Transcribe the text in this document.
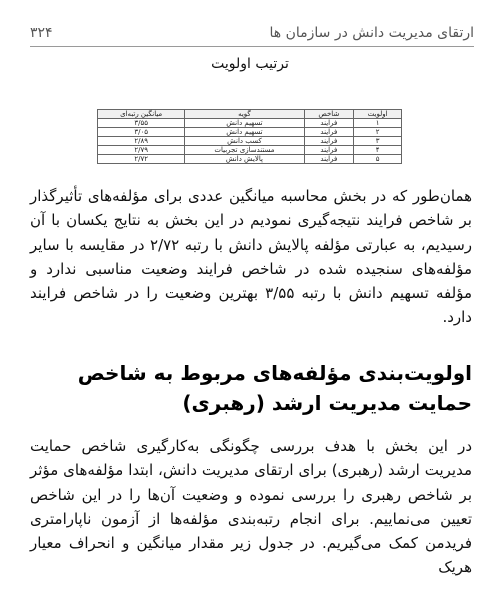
۳۲۴	ارتقای مدیریت دانش در سازمان ها
ترتیب اولویت
اولویت	شاخص	گویه	میانگین رتبه‌ای
۱	فرایند	تسهیم دانش	۳/۵۵
۲	فرایند	تسهیم دانش	۳/۰۵
۳	فرایند	کسب دانش	۲/۸۹
۴	فرایند	مستندسازی تجربیات	۲/۷۹
۵	فرایند	پالایش دانش	۲/۷۲

همان‌طور که در بخش محاسبه میانگین عددی برای مؤلفه‌های تأثیرگذار بر شاخص فرایند نتیجه‌گیری نمودیم در این بخش به نتایج یکسان با آن رسیدیم، به عبارتی مؤلفه پالایش دانش با رتبه ۲/۷۲ در مقایسه با سایر مؤلفه‌های سنجیده شده در شاخص فرایند وضعیت مناسبی ندارد و مؤلفه تسهیم دانش با رتبه ۳/۵۵ بهترین وضعیت را در شاخص فرایند دارد.

اولویت‌بندی مؤلفه‌های مربوط به شاخص حمایت مدیریت ارشد (رهبری)

در این بخش با هدف بررسی چگونگی به‌کارگیری شاخص حمایت مدیریت ارشد (رهبری) برای ارتقای مدیریت دانش، ابتدا مؤلفه‌های مؤثر بر شاخص رهبری را بررسی نموده و وضعیت آن‌ها را در این شاخص تعیین می‌نماییم. برای انجام رتبه‌بندی مؤلفه‌ها از آزمون ناپارامتری فریدمن کمک می‌گیریم. در جدول زیر مقدار میانگین و انحراف معیار هریک
